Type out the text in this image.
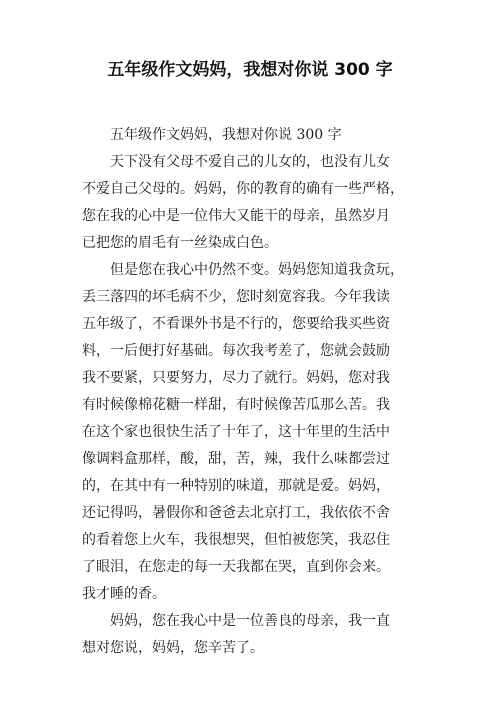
五年级作文妈妈，我想对你说 300 字

五年级作文妈妈，我想对你说 300 字

天下没有父母不爱自己的儿女的，也没有儿女
不爱自己父母的。妈妈，你的教育的确有一些严格，
您在我的心中是一位伟大又能干的母亲，虽然岁月
已把您的眉毛有一丝染成白色。

但是您在我心中仍然不变。妈妈您知道我贪玩，
丢三落四的坏毛病不少，您时刻宽容我。今年我读
五年级了，不看课外书是不行的，您要给我买些资
料，一后便打好基础。每次我考差了，您就会鼓励
我不要紧，只要努力，尽力了就行。妈妈，您对我
有时候像棉花糖一样甜，有时候像苦瓜那么苦。我
在这个家也很快生活了十年了，这十年里的生活中
像调料盒那样，酸，甜，苦，辣，我什么味都尝过
的，在其中有一种特别的味道，那就是爱。妈妈，
还记得吗，暑假你和爸爸去北京打工，我依依不舍
的看着您上火车，我很想哭，但怕被您笑，我忍住
了眼泪，在您走的每一天我都在哭，直到你会来。
我才睡的香。

妈妈，您在我心中是一位善良的母亲，我一直
想对您说，妈妈，您辛苦了。
